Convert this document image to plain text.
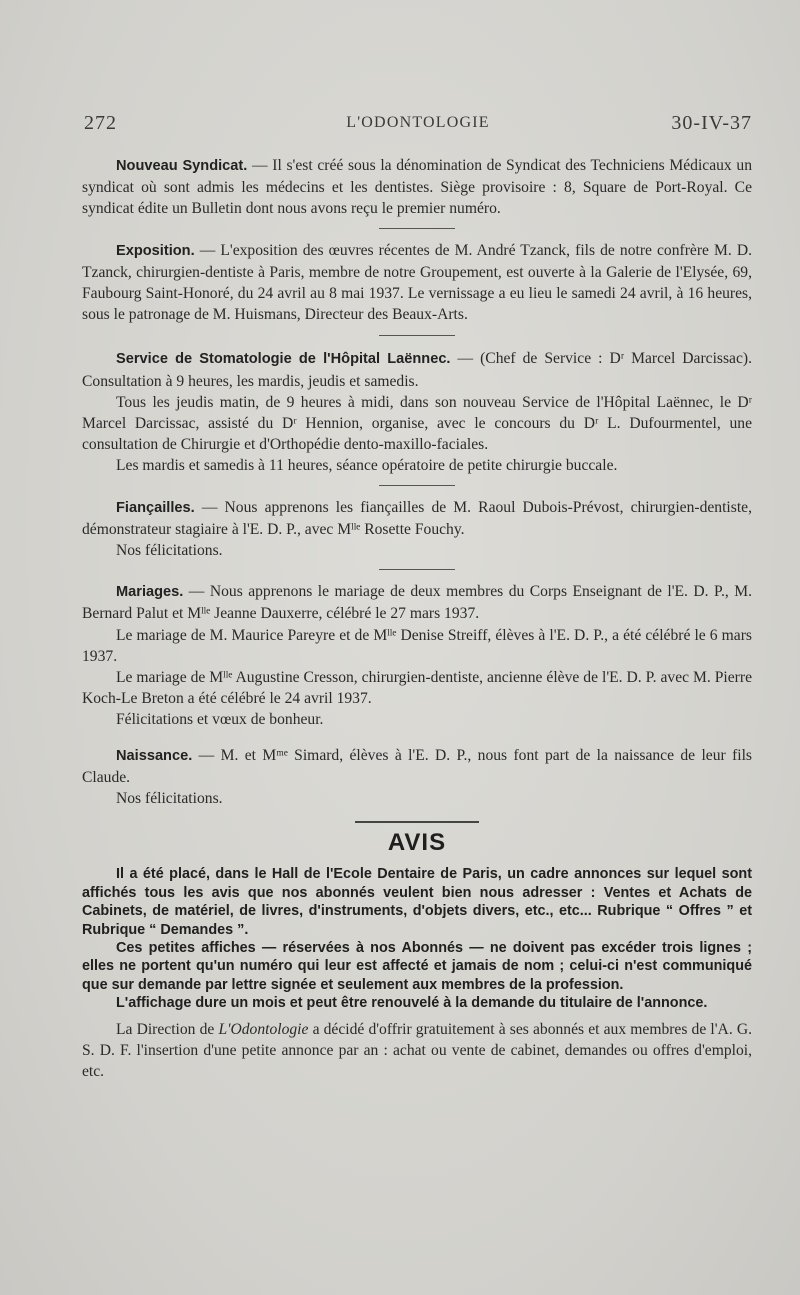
272	L'ODONTOLOGIE	30-IV-37

Nouveau Syndicat. — Il s'est créé sous la dénomination de Syndicat des Techniciens Médicaux un syndicat où sont admis les médecins et les dentistes. Siège provisoire : 8, Square de Port-Royal. Ce syndicat édite un Bulletin dont nous avons reçu le premier numéro.

Exposition. — L'exposition des œuvres récentes de M. André Tzanck, fils de notre confrère M. D. Tzanck, chirurgien-dentiste à Paris, membre de notre Groupement, est ouverte à la Galerie de l'Elysée, 69, Faubourg Saint-Honoré, du 24 avril au 8 mai 1937. Le vernissage a eu lieu le samedi 24 avril, à 16 heures, sous le patronage de M. Huismans, Directeur des Beaux-Arts.

Service de Stomatologie de l'Hôpital Laënnec. — (Chef de Service : Dʳ Marcel Darcissac). Consultation à 9 heures, les mardis, jeudis et samedis.

Tous les jeudis matin, de 9 heures à midi, dans son nouveau Service de l'Hôpital Laënnec, le Dʳ Marcel Darcissac, assisté du Dʳ Hennion, organise, avec le concours du Dʳ L. Dufourmentel, une consultation de Chirurgie et d'Orthopédie dento-maxillo-faciales.

Les mardis et samedis à 11 heures, séance opératoire de petite chirurgie buccale.

Fiançailles. — Nous apprenons les fiançailles de M. Raoul Dubois-Prévost, chirurgien-dentiste, démonstrateur stagiaire à l'E. D. P., avec Mˡˡᵉ Rosette Fouchy.

Nos félicitations.

Mariages. — Nous apprenons le mariage de deux membres du Corps Enseignant de l'E. D. P., M. Bernard Palut et Mˡˡᵉ Jeanne Dauxerre, célébré le 27 mars 1937.

Le mariage de M. Maurice Pareyre et de Mˡˡᵉ Denise Streiff, élèves à l'E. D. P., a été célébré le 6 mars 1937.

Le mariage de Mˡˡᵉ Augustine Cresson, chirurgien-dentiste, ancienne élève de l'E. D. P. avec M. Pierre Koch-Le Breton a été célébré le 24 avril 1937.

Félicitations et vœux de bonheur.

Naissance. — M. et Mᵐᵉ Simard, élèves à l'E. D. P., nous font part de la naissance de leur fils Claude.

Nos félicitations.

AVIS

Il a été placé, dans le Hall de l'Ecole Dentaire de Paris, un cadre annonces sur lequel sont affichés tous les avis que nos abonnés veulent bien nous adresser : Ventes et Achats de Cabinets, de matériel, de livres, d'instruments, d'objets divers, etc., etc... Rubrique “ Offres ” et Rubrique “ Demandes ”.

Ces petites affiches — réservées à nos Abonnés — ne doivent pas excéder trois lignes ; elles ne portent qu'un numéro qui leur est affecté et jamais de nom ; celui-ci n'est communiqué que sur demande par lettre signée et seulement aux membres de la profession.

L'affichage dure un mois et peut être renouvelé à la demande du titulaire de l'annonce.

La Direction de L'Odontologie a décidé d'offrir gratuitement à ses abonnés et aux membres de l'A. G. S. D. F. l'insertion d'une petite annonce par an : achat ou vente de cabinet, demandes ou offres d'emploi, etc.
